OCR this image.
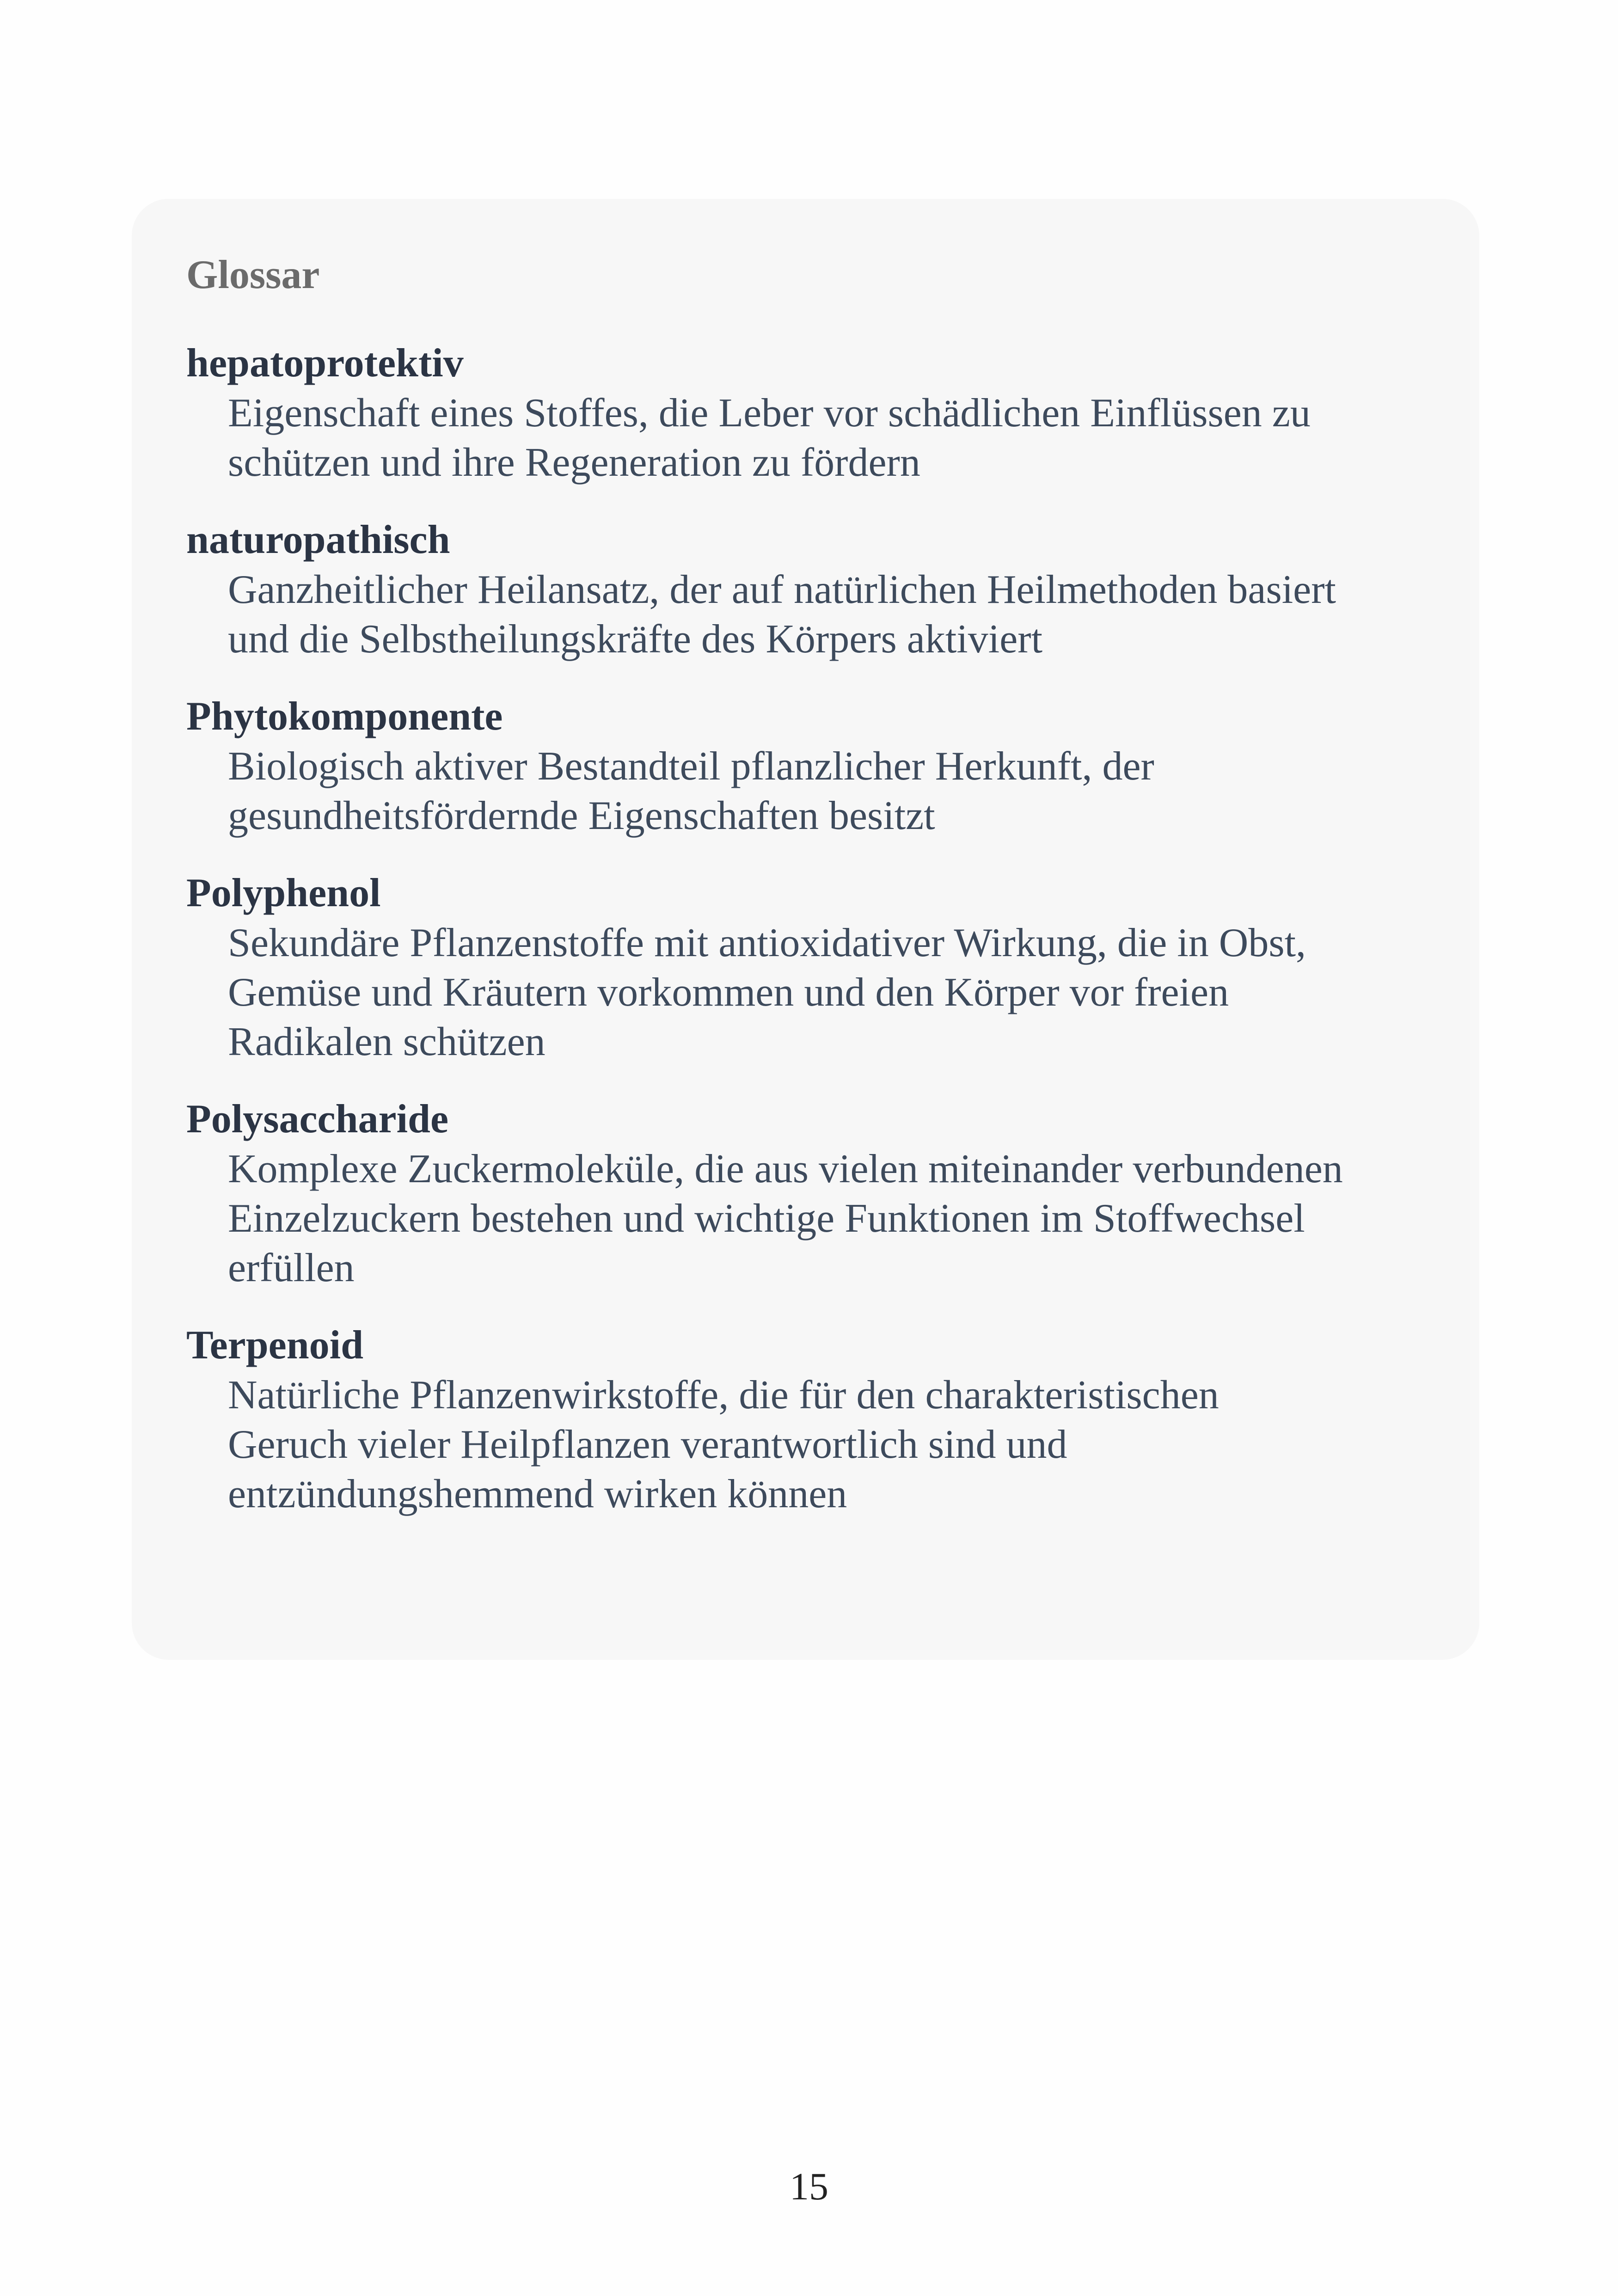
Glossar
hepatoprotektiv
Eigenschaft eines Stoffes, die Leber vor schädlichen Einflüssen zu
schützen und ihre Regeneration zu fördern
naturopathisch
Ganzheitlicher Heilansatz, der auf natürlichen Heilmethoden basiert
und die Selbstheilungskräfte des Körpers aktiviert
Phytokomponente
Biologisch aktiver Bestandteil pflanzlicher Herkunft, der
gesundheitsfördernde Eigenschaften besitzt
Polyphenol
Sekundäre Pflanzenstoffe mit antioxidativer Wirkung, die in Obst,
Gemüse und Kräutern vorkommen und den Körper vor freien
Radikalen schützen
Polysaccharide
Komplexe Zuckermoleküle, die aus vielen miteinander verbundenen
Einzelzuckern bestehen und wichtige Funktionen im Stoffwechsel
erfüllen
Terpenoid
Natürliche Pflanzenwirkstoffe, die für den charakteristischen
Geruch vieler Heilpflanzen verantwortlich sind und
entzündungshemmend wirken können
15
